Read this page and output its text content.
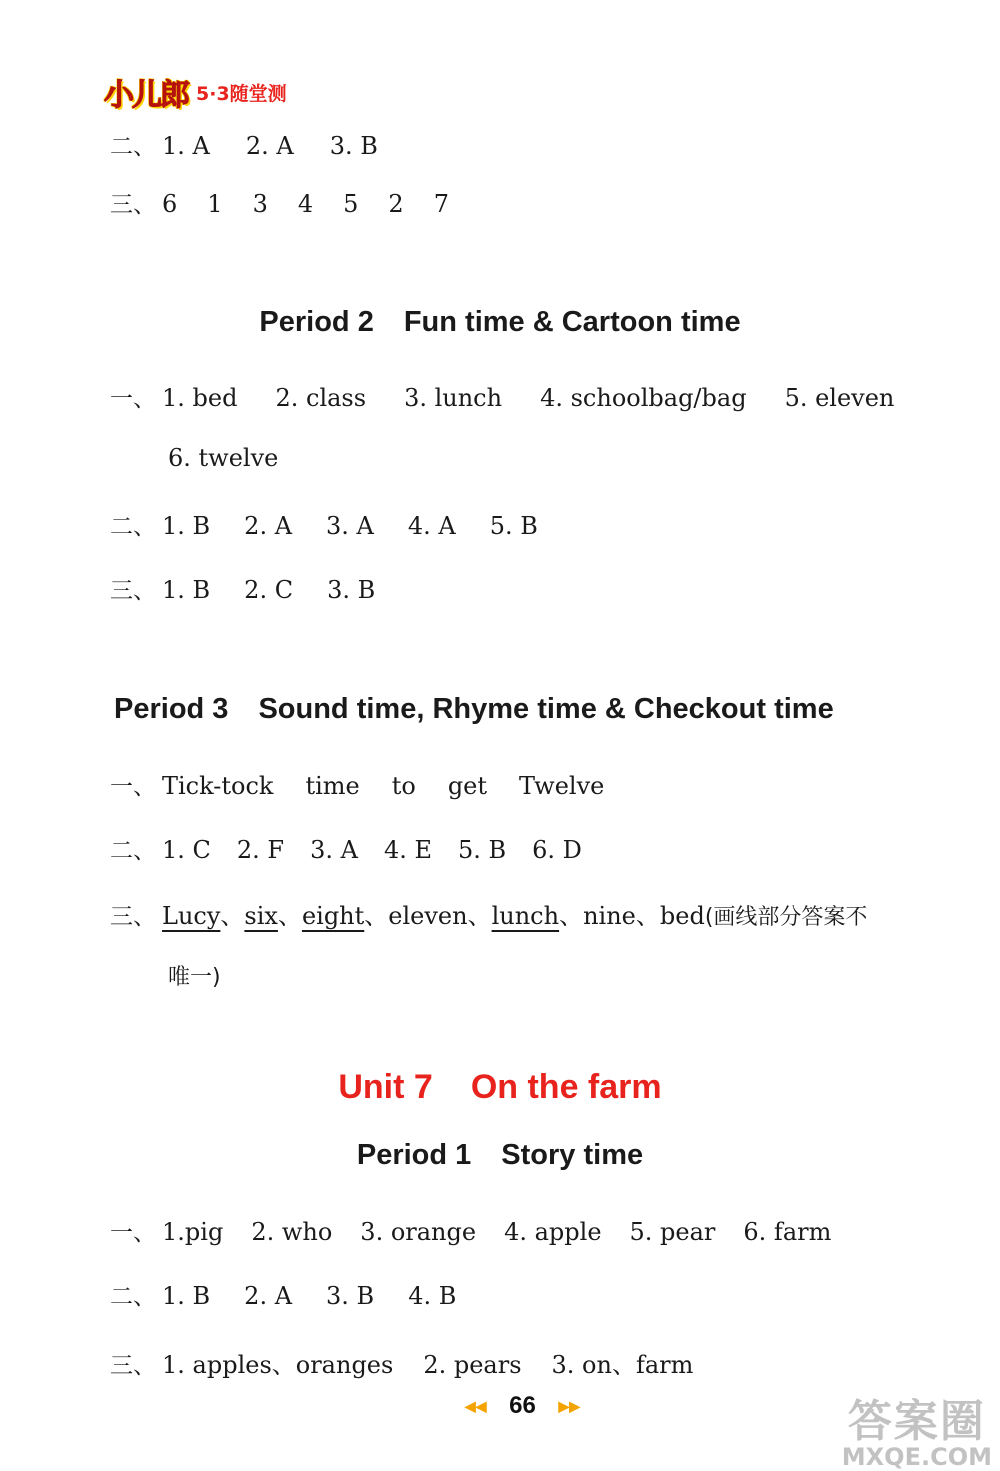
小儿郎 5·3随堂测
二、 1. A 2. A 3. B
三、 6 1 3 4 5 2 7
Period 2 Fun time & Cartoon time
一、 1. bed 2. class 3. lunch 4. schoolbag/bag 5. eleven
6. twelve
二、 1. B 2. A 3. A 4. A 5. B
三、 1. B 2. C 3. B
Period 3 Sound time, Rhyme time & Checkout time
一、 Tick-tock time to get Twelve
二、 1. C 2. F 3. A 4. E 5. B 6. D
三、 Lucy、six、eight、eleven、lunch、nine、bed(画线部分答案不
唯一)
Unit 7 On the farm
Period 1 Story time
一、 1.pig 2. who 3. orange 4. apple 5. pear 6. farm
二、 1. B 2. A 3. B 4. B
三、 1. apples、oranges 2. pears 3. on、farm
◀◀ 66 ▶▶	答案圈
MXQE.COM
